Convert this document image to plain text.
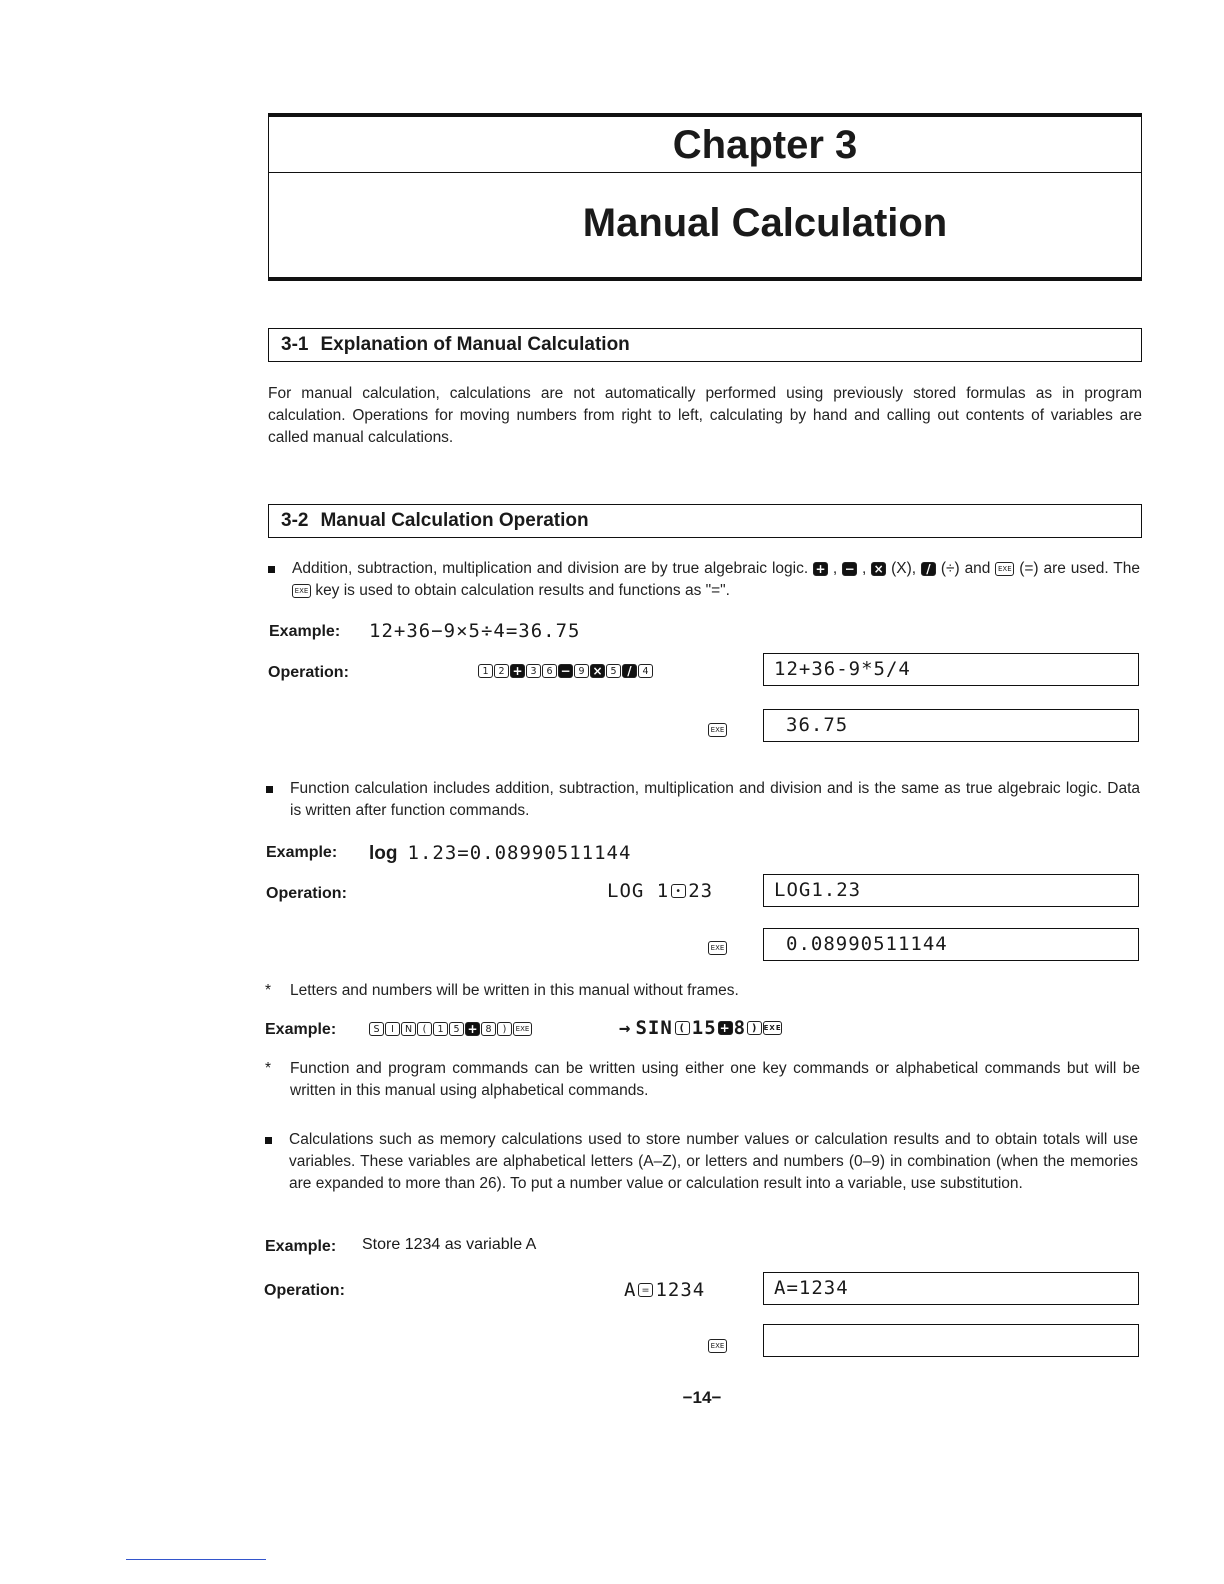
Chapter 3
Manual Calculation
3-1 Explanation of Manual Calculation
For manual calculation, calculations are not automatically performed using previously stored formulas as in program calculation. Operations for moving numbers from right to left, calculating by hand and calling out contents of variables are called manual calculations.
3-2 Manual Calculation Operation
Addition, subtraction, multiplication and division are by true algebraic logic. + , − , × (X), / (÷) and	EXE (=) are used. The
EXE key is used to obtain calculation results and functions as "=".
Example: 12+36−9×5÷4=36.75
Operation:	1	2 + 3	6 − 9 × 5 /	4	12+36-9*5/4
EXE	36.75
Function calculation includes addition, subtraction, multiplication and division and is the same as true algebraic logic. Data is written after function commands.
Example: log 1.23=0.08990511144
Operation:	LOG 1 • 23	LOG1.23
EXE	0.08990511144
* Letters and numbers will be written in this manual without frames.
Example:	S	I	N	(	1	5 + 8	)	EXE	→ SIN ( 15 + 8 ) EXE
* Function and program commands can be written using either one key commands or alphabetical commands but will be written in this manual using alphabetical commands.
Calculations such as memory calculations used to store number values or calculation results and to obtain totals will use variables. These variables are alphabetical letters (A–Z), or letters and numbers (0–9) in combination (when the memories are expanded to more than 26). To put a number value or calculation result into a variable, use substitution.
Example: Store 1234 as variable A
Operation:	A = 1234	A=1234
EXE
−14−
